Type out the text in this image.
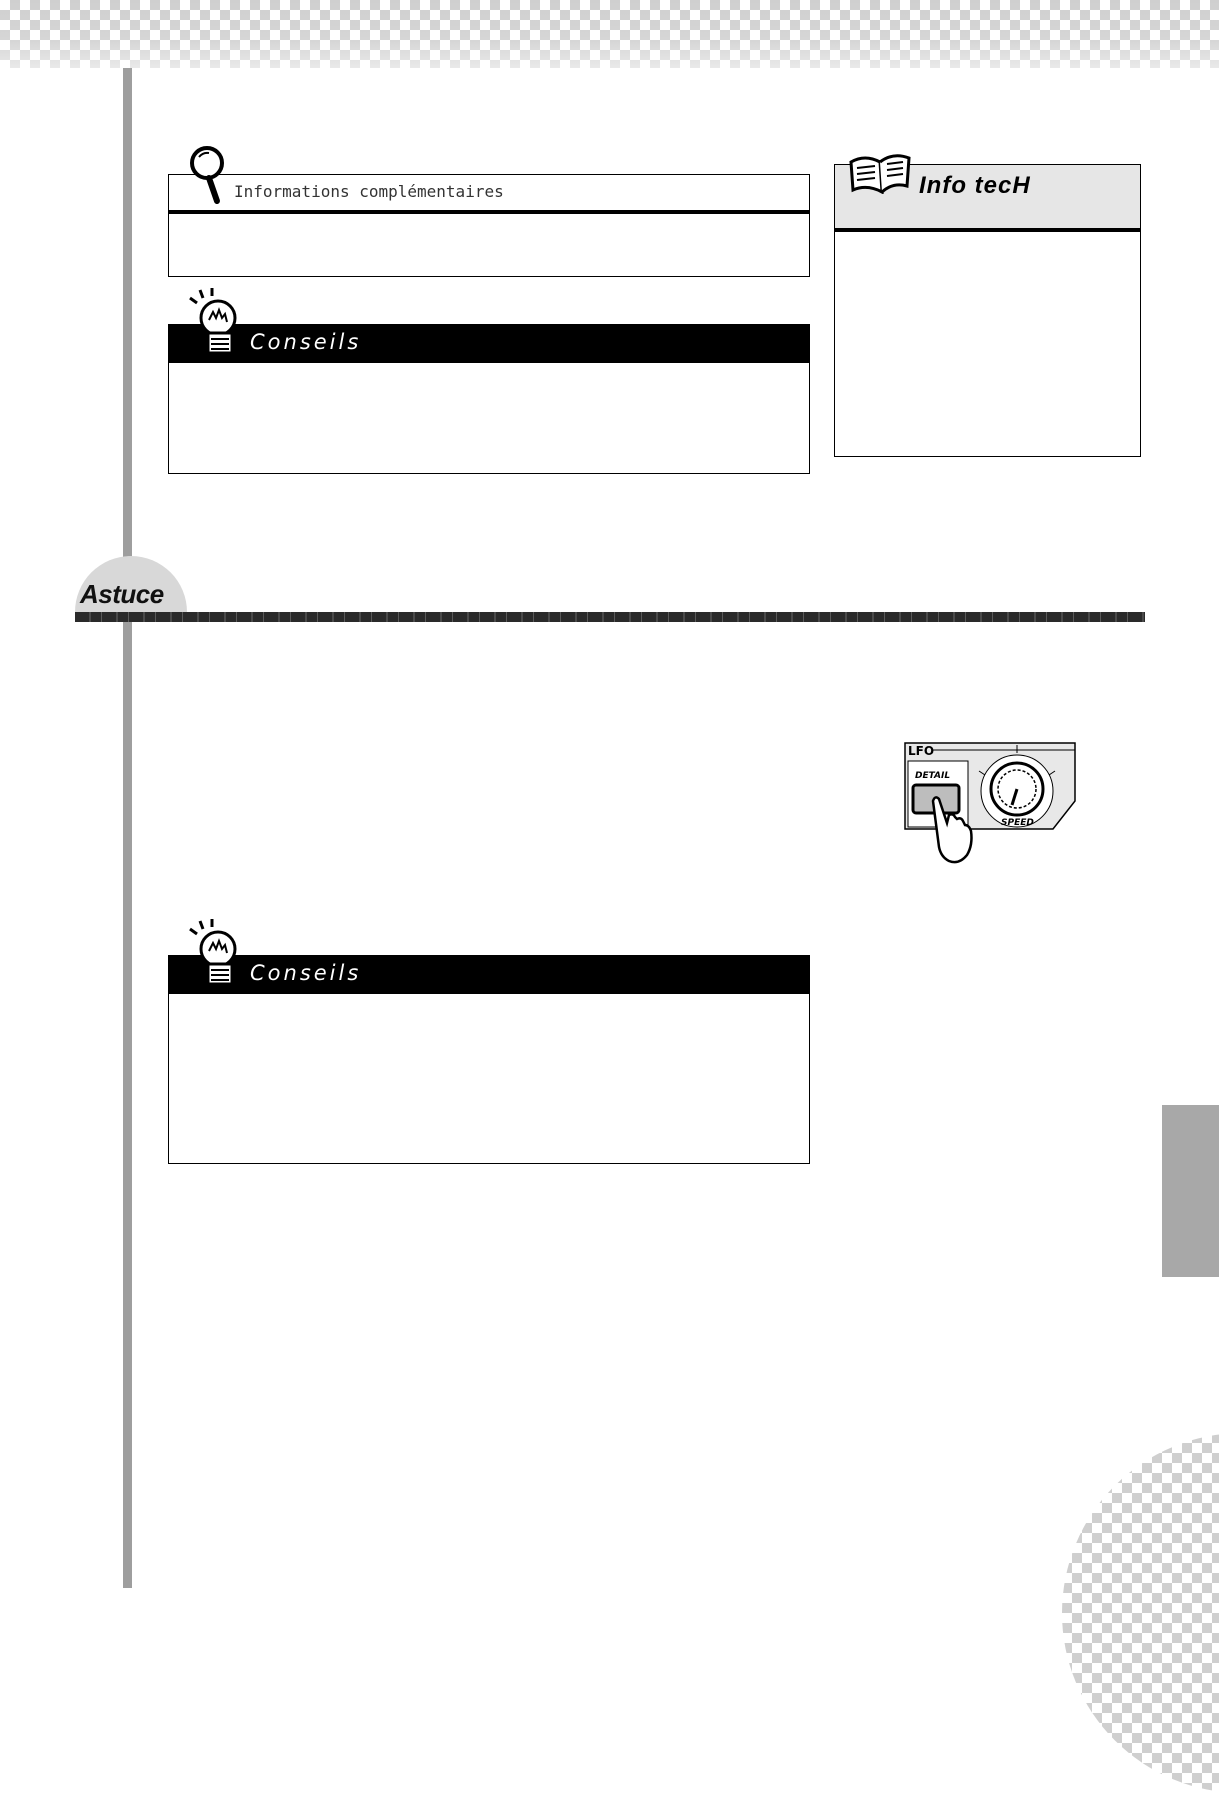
Informations complémentaires
Conseils
Info tecH
Astuce
LFO
DETAIL
SPEED
Conseils
